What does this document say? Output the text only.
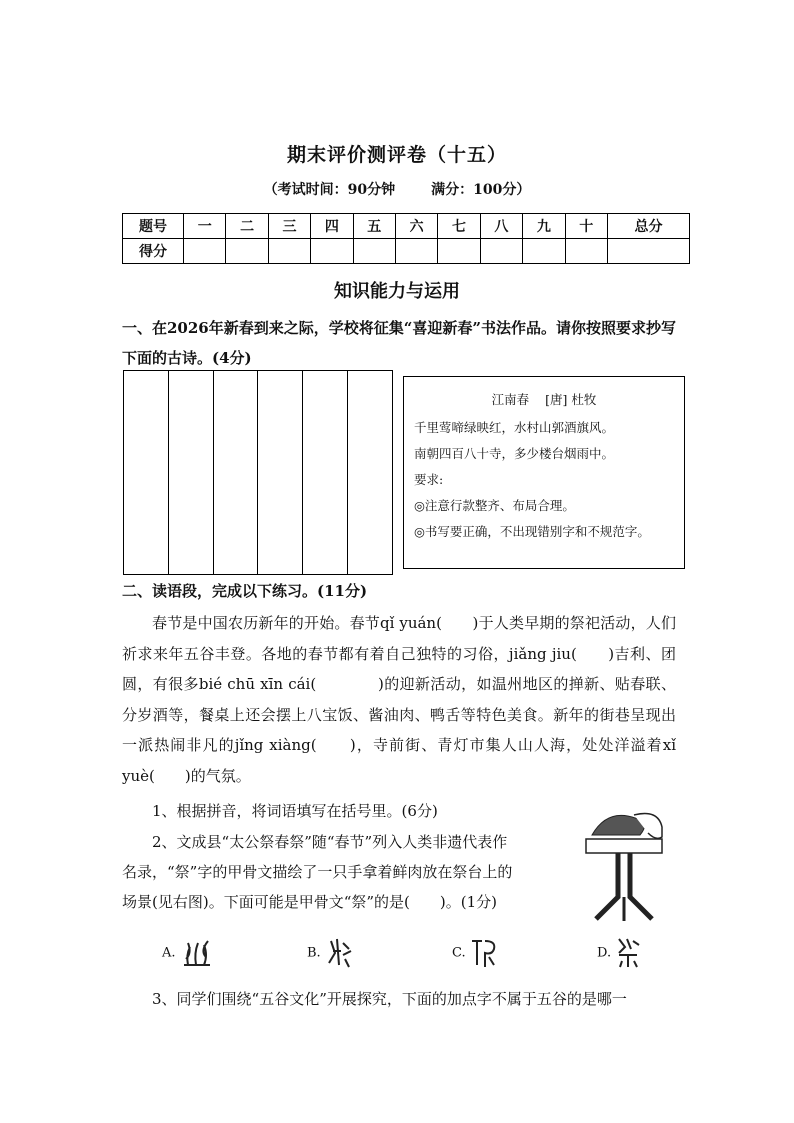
期末评价测评卷（十五）
（考试时间：90分钟	满分：100分）
题号	一	二	三	四	五	六	七	八	九	十	总分
得分											
知识能力与运用
一、在2026年新春到来之际，学校将征集“喜迎新春”书法作品。请你按照要求抄写下面的古诗。(4分)
江南春 [唐] 杜牧
千里莺啼绿映红，水村山郭酒旗风。
南朝四百八十寺，多少楼台烟雨中。
要求:
◎注意行款整齐、布局合理。
◎书写要正确，不出现错别字和不规范字。
二、读语段，完成以下练习。(11分)

春节是中国农历新年的开始。春节qǐ yuán(　　)于人类早期的祭祀活动，人们祈求来年五谷丰登。各地的春节都有着自己独特的习俗，jiǎng jiu(　　)吉利、团圆，有很多bié chū xīn cái(　　　　)的迎新活动，如温州地区的掸新、贴春联、分岁酒等，餐桌上还会摆上八宝饭、酱油肉、鸭舌等特色美食。新年的街巷呈现出一派热闹非凡的jǐng xiàng(　　)，寺前街、青灯市集人山人海，处处洋溢着xǐ yuè(　　)的气氛。

1、根据拼音，将词语填写在括号里。(6分)
2、文成县“太公祭春祭”随“春节”列入人类非遗代表作
名录，“祭”字的甲骨文描绘了一只手拿着鲜肉放在祭台上的
场景(见右图)。下面可能是甲骨文“祭”的是(　　)。(1分)
A.	B.	C.	D.
3、同学们围绕“五谷文化”开展探究，下面的加点字不属于五谷的是哪一
